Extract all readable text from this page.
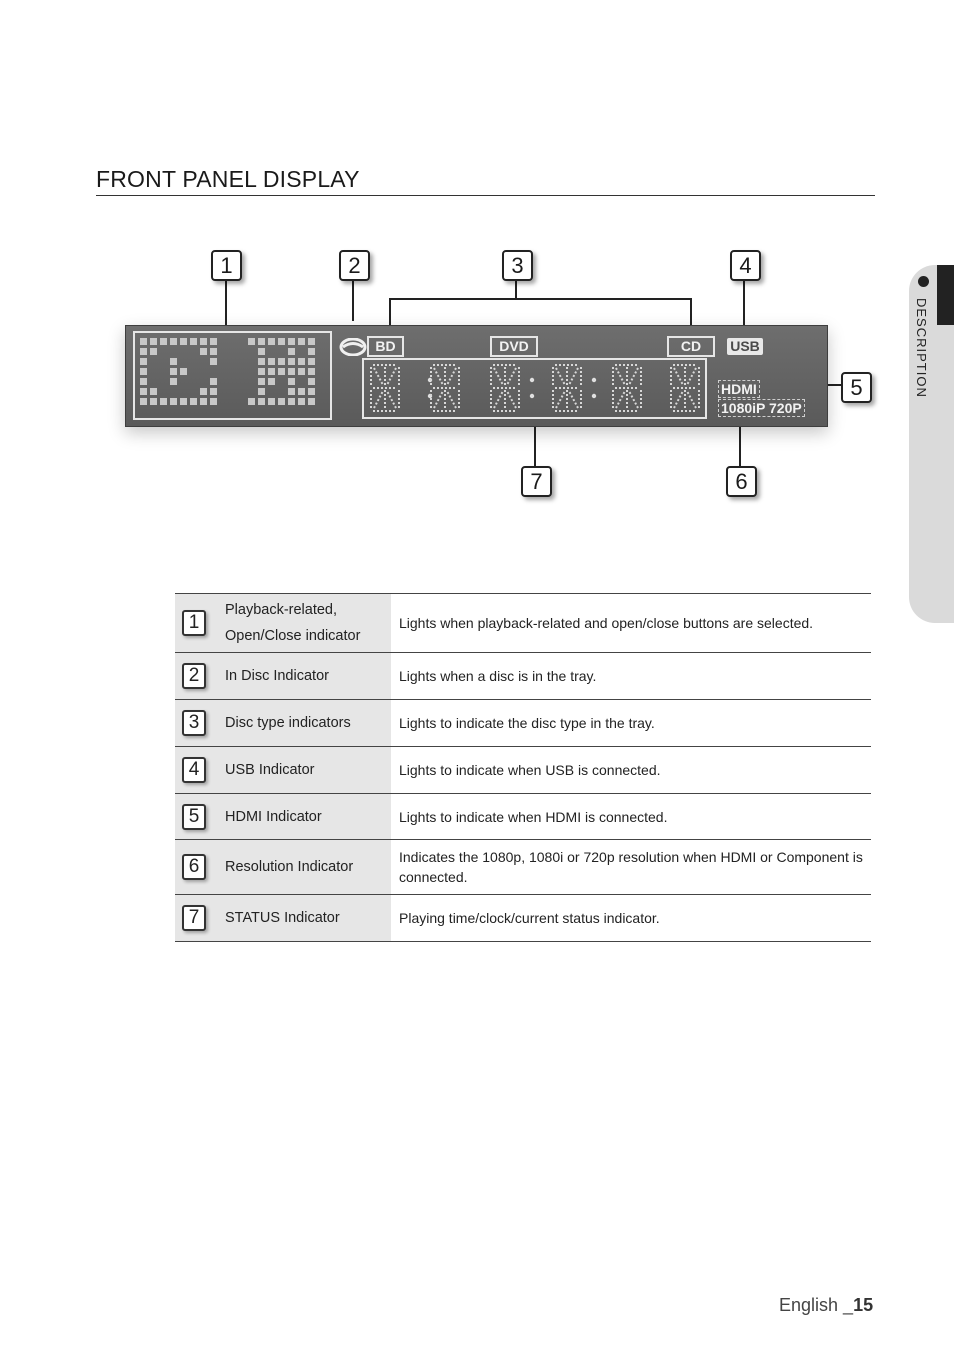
FRONT PANEL DISPLAY
DESCRIPTION
BD	DVD	CD	USB
HDMI
1080iP 720P
1	2	3	4
5
6
7
1	Playback-related, Open/Close indicator	Lights when playback-related and open/close buttons are selected.
2	In Disc Indicator	Lights when a disc is in the tray.
3	Disc type indicators	Lights to indicate the disc type in the tray.
4	USB Indicator	Lights to indicate when USB is connected.
5	HDMI Indicator	Lights to indicate when HDMI is connected.
6	Resolution Indicator	Indicates the 1080p, 1080i or 720p resolution when HDMI or Component is connected.
7	STATUS Indicator	Playing time/clock/current status indicator.
English _15
